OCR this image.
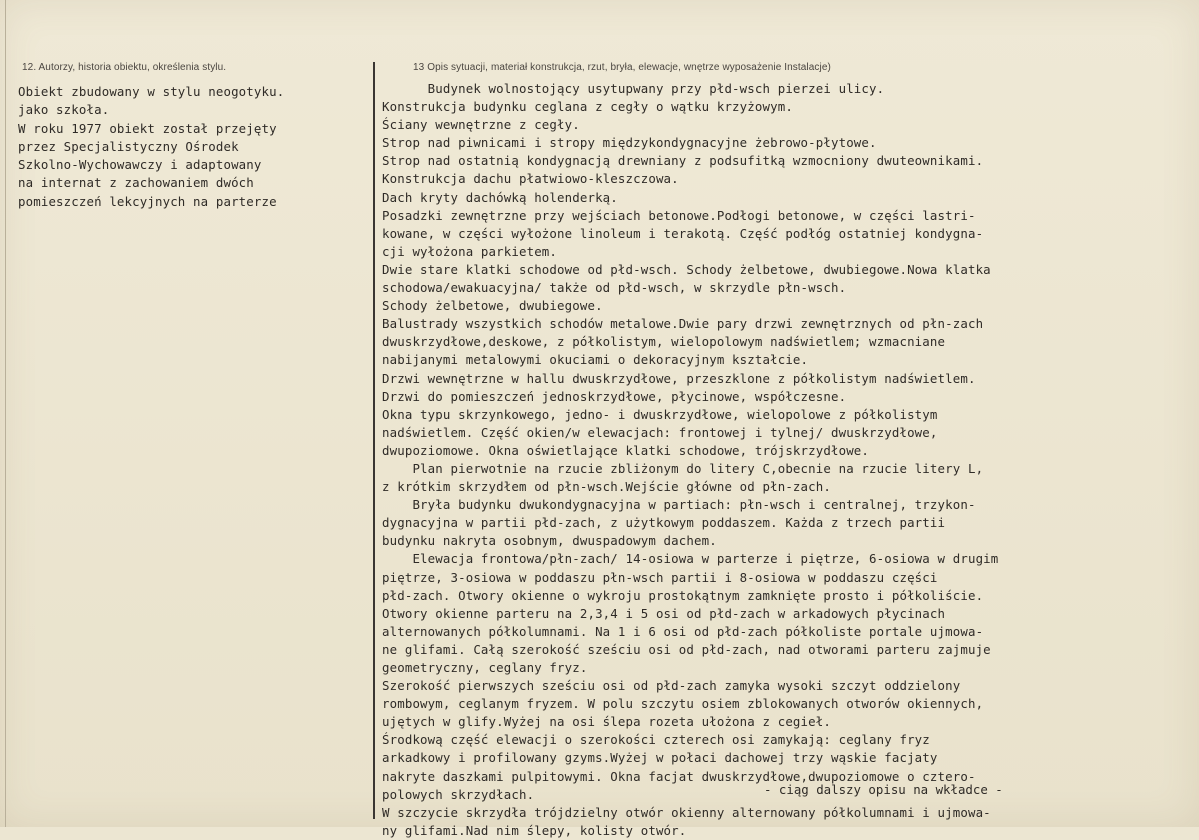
12. Autorzy, historia obiektu, określenia stylu.	13 Opis sytuacji, materiał konstrukcja, rzut, bryła, elewacje, wnętrze wyposażenie Instalacje)
Obiekt zbudowany w stylu neogotyku.
jako szkoła.
W roku 1977 obiekt został przejęty
przez Specjalistyczny Ośrodek
Szkolno-Wychowawczy i adaptowany
na internat z zachowaniem dwóch
pomieszczeń lekcyjnych na parterze
Budynek wolnostojący usytupwany przy płd-wsch pierzei ulicy.
Konstrukcja budynku ceglana z cegły o wątku krzyżowym.
Ściany wewnętrzne z cegły.
Strop nad piwnicami i stropy międzykondygnacyjne żebrowo-płytowe.
Strop nad ostatnią kondygnacją drewniany z podsufitką wzmocniony dwuteownikami.
Konstrukcja dachu płatwiowo-kleszczowa.
Dach kryty dachówką holenderką.
Posadzki zewnętrzne przy wejściach betonowe.Podłogi betonowe, w części lastri-
kowane, w części wyłożone linoleum i terakotą. Część podłóg ostatniej kondygna-
cji wyłożona parkietem.
Dwie stare klatki schodowe od płd-wsch. Schody żelbetowe, dwubiegowe.Nowa klatka
schodowa/ewakuacyjna/ także od płd-wsch, w skrzydle płn-wsch.
Schody żelbetowe, dwubiegowe.
Balustrady wszystkich schodów metalowe.Dwie pary drzwi zewnętrznych od płn-zach
dwuskrzydłowe,deskowe, z półkolistym, wielopolowym nadświetlem; wzmacniane
nabijanymi metalowymi okuciami o dekoracyjnym kształcie.
Drzwi wewnętrzne w hallu dwuskrzydłowe, przeszklone z półkolistym nadświetlem.
Drzwi do pomieszczeń jednoskrzydłowe, płycinowe, współczesne.
Okna typu skrzynkowego, jedno- i dwuskrzydłowe, wielopolowe z półkolistym
nadświetlem. Część okien/w elewacjach: frontowej i tylnej/ dwuskrzydłowe,
dwupoziomowe. Okna oświetlające klatki schodowe, trójskrzydłowe.
Plan pierwotnie na rzucie zbliżonym do litery C,obecnie na rzucie litery L,
z krótkim skrzydłem od płn-wsch.Wejście główne od płn-zach.
Bryła budynku dwukondygnacyjna w partiach: płn-wsch i centralnej, trzykon-
dygnacyjna w partii płd-zach, z użytkowym poddaszem. Każda z trzech partii
budynku nakryta osobnym, dwuspadowym dachem.
Elewacja frontowa/płn-zach/ 14-osiowa w parterze i piętrze, 6-osiowa w drugim
piętrze, 3-osiowa w poddaszu płn-wsch partii i 8-osiowa w poddaszu części
płd-zach. Otwory okienne o wykroju prostokątnym zamknięte prosto i półkoliście.
Otwory okienne parteru na 2,3,4 i 5 osi od płd-zach w arkadowych płycinach
alternowanych półkolumnami. Na 1 i 6 osi od płd-zach półkoliste portale ujmowa-
ne glifami. Całą szerokość sześciu osi od płd-zach, nad otworami parteru zajmuje
geometryczny, ceglany fryz.
Szerokość pierwszych sześciu osi od płd-zach zamyka wysoki szczyt oddzielony
rombowym, ceglanym fryzem. W polu szczytu osiem zblokowanych otworów okiennych,
ujętych w glify.Wyżej na osi ślepa rozeta ułożona z cegieł.
Środkową część elewacji o szerokości czterech osi zamykają: ceglany fryz
arkadkowy i profilowany gzyms.Wyżej w połaci dachowej trzy wąskie facjaty
nakryte daszkami pulpitowymi. Okna facjat dwuskrzydłowe,dwupoziomowe o cztero-
polowych skrzydłach.
W szczycie skrzydła trójdzielny otwór okienny alternowany półkolumnami i ujmowa-
ny glifami.Nad nim ślepy, kolisty otwór.
- ciąg dalszy opisu na wkładce -
